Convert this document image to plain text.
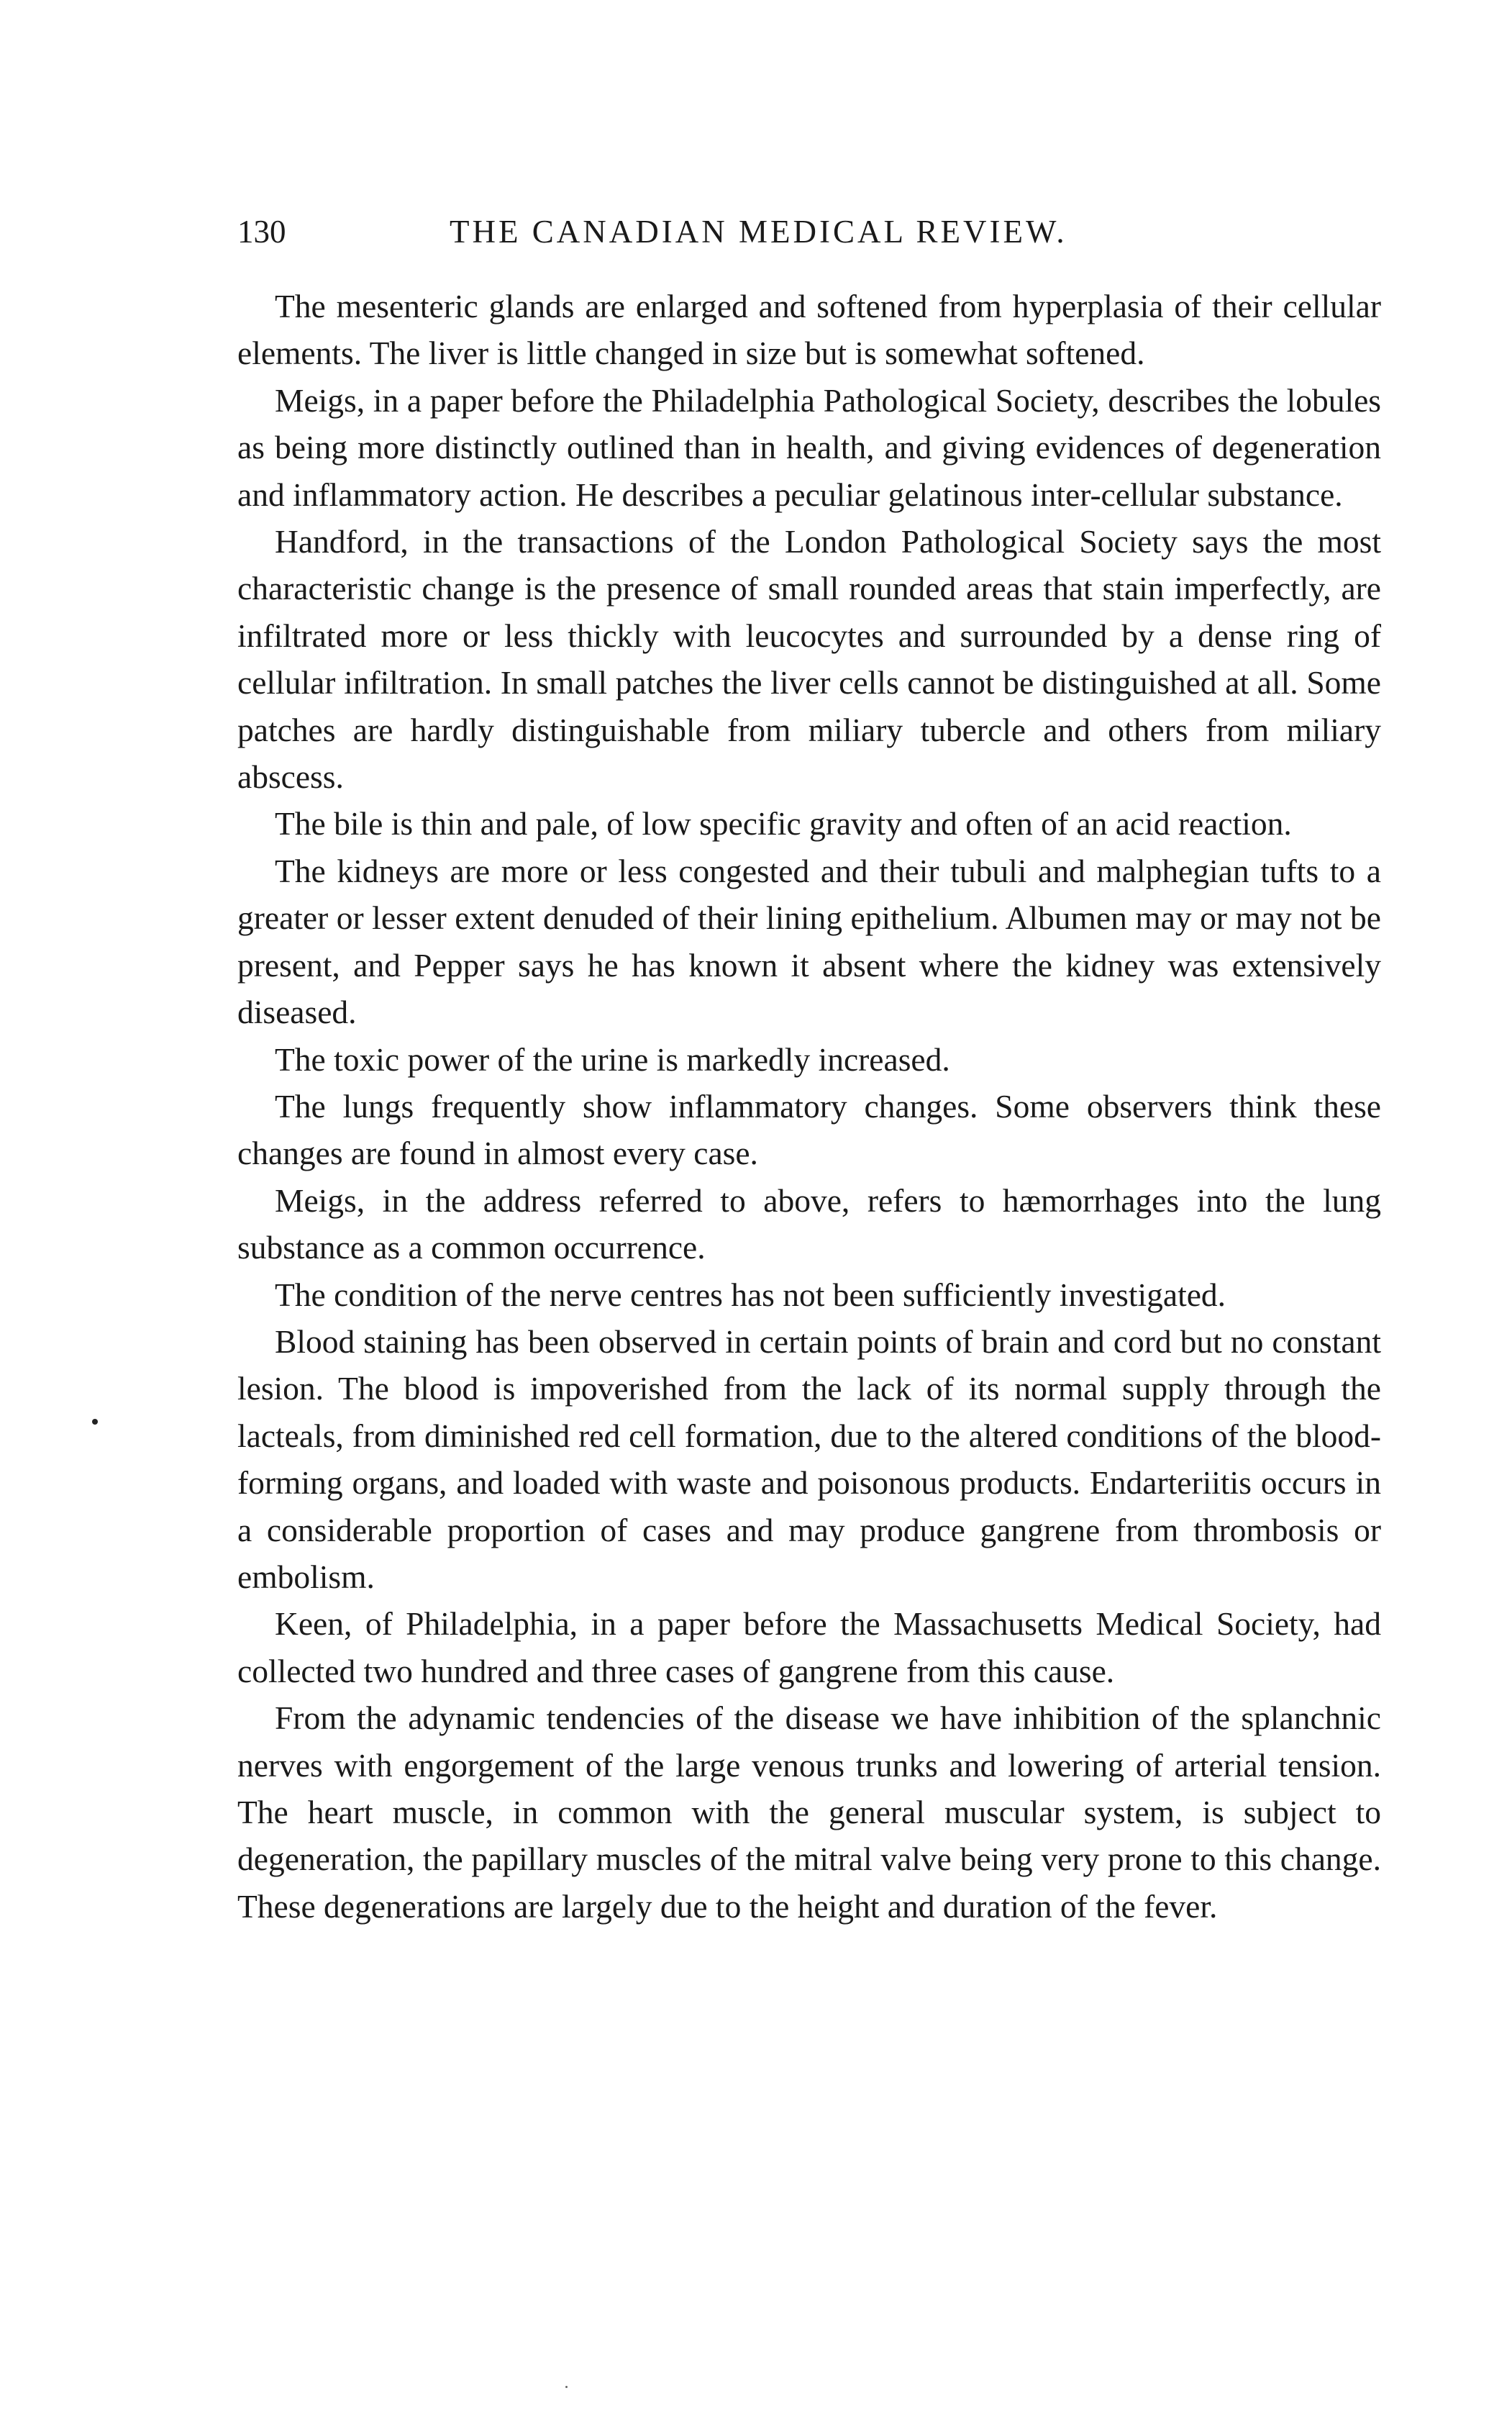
130	THE CANADIAN MEDICAL REVIEW.

The mesenteric glands are enlarged and softened from hyperplasia of their cellular elements. The liver is little changed in size but is somewhat softened.

Meigs, in a paper before the Philadelphia Pathological Society, describes the lobules as being more distinctly outlined than in health, and giving evidences of degeneration and inflammatory action. He describes a peculiar gelatinous inter-cellular substance.

Handford, in the transactions of the London Pathological Society says the most characteristic change is the presence of small rounded areas that stain imperfectly, are infiltrated more or less thickly with leucocytes and surrounded by a dense ring of cellular infiltration. In small patches the liver cells cannot be distinguished at all. Some patches are hardly distinguishable from miliary tubercle and others from miliary abscess.

The bile is thin and pale, of low specific gravity and often of an acid reaction.

The kidneys are more or less congested and their tubuli and malphegian tufts to a greater or lesser extent denuded of their lining epithelium. Albumen may or may not be present, and Pepper says he has known it absent where the kidney was extensively diseased.

The toxic power of the urine is markedly increased.

The lungs frequently show inflammatory changes. Some observers think these changes are found in almost every case.

Meigs, in the address referred to above, refers to hæmorrhages into the lung substance as a common occurrence.

The condition of the nerve centres has not been sufficiently investigated.

Blood staining has been observed in certain points of brain and cord but no constant lesion. The blood is impoverished from the lack of its normal supply through the lacteals, from diminished red cell formation, due to the altered conditions of the blood-forming organs, and loaded with waste and poisonous products. Endarteriitis occurs in a considerable proportion of cases and may produce gangrene from thrombosis or embolism.

Keen, of Philadelphia, in a paper before the Massachusetts Medical Society, had collected two hundred and three cases of gangrene from this cause.

From the adynamic tendencies of the disease we have inhibition of the splanchnic nerves with engorgement of the large venous trunks and lowering of arterial tension. The heart muscle, in common with the general muscular system, is subject to degeneration, the papillary muscles of the mitral valve being very prone to this change. These degenerations are largely due to the height and duration of the fever.
